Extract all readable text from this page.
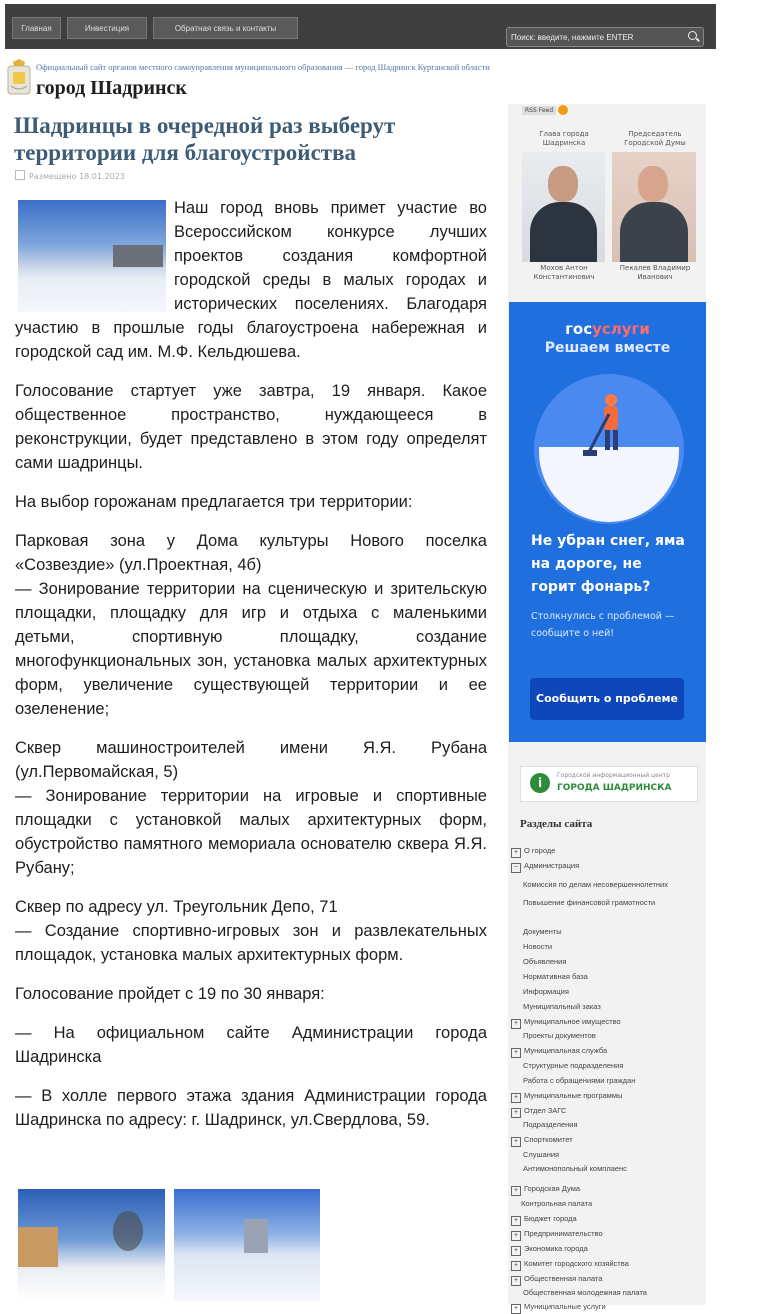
Главная	Инвестиция	Обратная связь и контакты
Поиск: введите, нажмите ENTER
Официальный сайт органов местного самоуправления муниципального образования — город Шадринск Курганской области
город Шадринск
Шадринцы в очередной раз выберут территории для благоустройства
Размещено 18.01.2023

Наш город вновь примет участие во Всероссийском конкурсе лучших проектов создания комфортной городской среды в малых городах и исторических поселениях. Благодаря участию в прошлые годы благоустроена набережная и городской сад им. М.Ф. Кельдюшева.

Голосование стартует уже завтра, 19 января. Какое общественное пространство, нуждающееся в реконструкции, будет представлено в этом году определят сами шадринцы.

На выбор горожанам предлагается три территории:

Парковая зона у Дома культуры Нового поселка «Созвездие» (ул.Проектная, 4б)
— Зонирование территории на сценическую и зрительскую площадки, площадку для игр и отдыха с маленькими детьми, спортивную площадку, создание многофункциональных зон, установка малых архитектурных форм, увеличение существующей территории и ее озеленение;

Сквер машиностроителей имени Я.Я. Рубана (ул.Первомайская, 5)
— Зонирование территории на игровые и спортивные площадки с установкой малых архитектурных форм, обустройство памятного мемориала основателю сквера Я.Я. Рубану;

Сквер по адресу ул. Треугольник Депо, 71
— Создание спортивно-игровых зон и развлекательных площадок, установка малых архитектурных форм.

Голосование пройдет с 19 по 30 января:

— На официальном сайте Администрации города Шадринска

— В холле первого этажа здания Администрации города Шадринска по адресу: г. Шадринск, ул.Свердлова, 59.

RSS Feed
Глава города Шадринска
Председатель Городской Думы
Мохов Антон Константинович
Пекалев Владимир Иванович
госуслуги
Решаем вместе
Не убран снег, яма на дороге, не горит фонарь?
Столкнулись с проблемой — сообщите о ней!
Сообщить о проблеме
i
Городской информационный центр
ГОРОДА ШАДРИНСКА
Разделы сайта
+ О городе
− Администрация
Комиссия по делам несовершеннолетних
Повышение финансовой грамотности
Документы
Новости
Объявления
Нормативная база
Информация
Муниципальный заказ
+ Муниципальное имущество
Проекты документов
+ Муниципальная служба
Структурные подразделения
Работа с обращениями граждан
+ Муниципальные программы
+ Отдел ЗАГС
Подразделения
+ Спорткомитет
Слушания
Антимонопольный комплаенс
+ Городская Дума
Контрольная палата
+ Бюджет города
+ Предпринимательство
+ Экономика города
+ Комитет городского хозяйства
+ Общественная палата
Общественная молодежная палата
+ Муниципальные услуги
